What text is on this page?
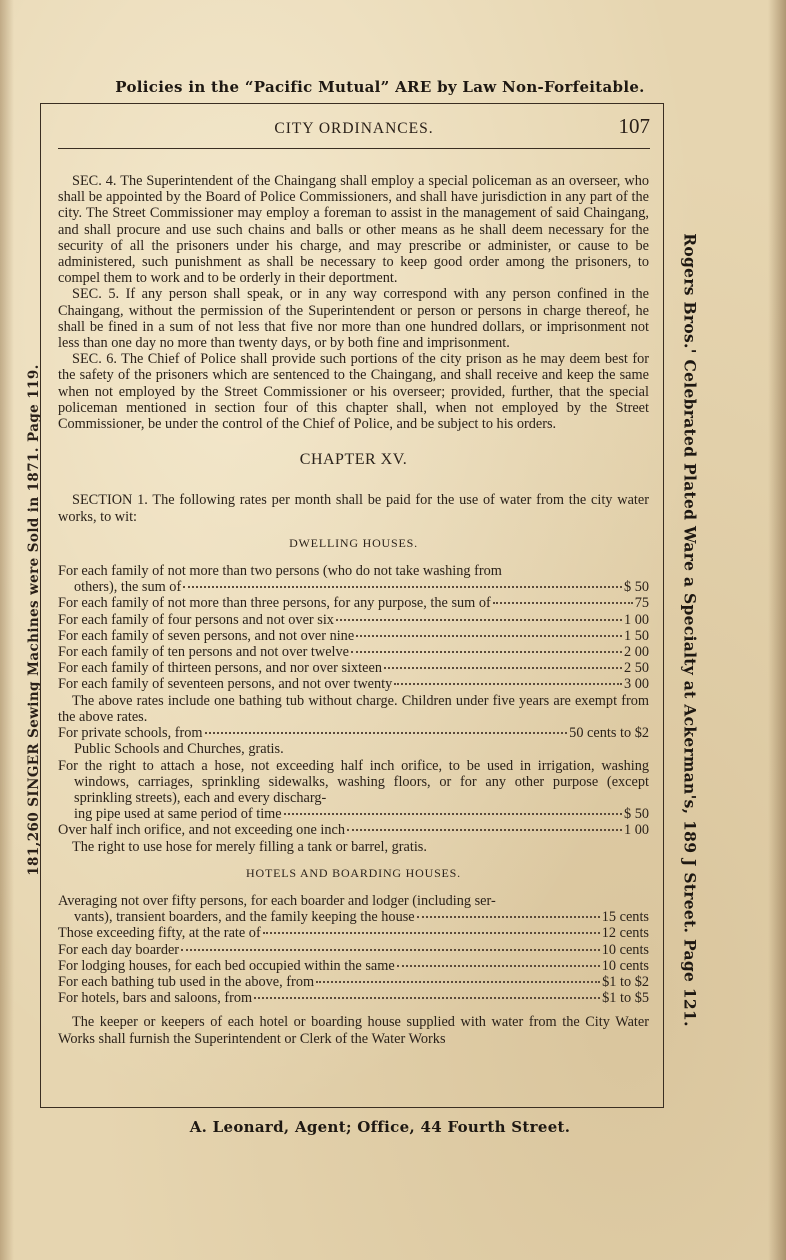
Policies in the “Pacific Mutual” ARE by Law Non-Forfeitable.
181,260 SINGER Sewing Machines were Sold in 1871. Page 119.	Rogers Bros.' Celebrated Plated Ware a Specialty at Ackerman's, 189 J Street. Page 121.
CITY ORDINANCES.	107

SEC. 4. The Superintendent of the Chaingang shall employ a special policeman as an overseer, who shall be appointed by the Board of Police Commissioners, and shall have jurisdiction in any part of the city. The Street Commissioner may employ a foreman to assist in the management of said Chaingang, and shall procure and use such chains and balls or other means as he shall deem necessary for the security of all the prisoners under his charge, and may prescribe or administer, or cause to be administered, such punishment as shall be necessary to keep good order among the prisoners, to compel them to work and to be orderly in their deportment.

SEC. 5. If any person shall speak, or in any way correspond with any person confined in the Chaingang, without the permission of the Superintendent or person or persons in charge thereof, he shall be fined in a sum of not less that five nor more than one hundred dollars, or imprisonment not less than one day no more than twenty days, or by both fine and imprisonment.

SEC. 6. The Chief of Police shall provide such portions of the city prison as he may deem best for the safety of the prisoners which are sentenced to the Chaingang, and shall receive and keep the same when not employed by the Street Commissioner or his overseer; provided, further, that the special policeman mentioned in section four of this chapter shall, when not employed by the Street Commissioner, be under the control of the Chief of Police, and be subject to his orders.

CHAPTER XV.

SECTION 1. The following rates per month shall be paid for the use of water from the city water works, to wit:

DWELLING HOUSES.

For each family of not more than two persons (who do not take washing from

others), the sum of	$ 50
For each family of not more than three persons, for any purpose, the sum of	75
For each family of four persons and not over six	1 00
For each family of seven persons, and not over nine	1 50
For each family of ten persons and not over twelve	2 00
For each family of thirteen persons, and nor over sixteen	2 50
For each family of seventeen persons, and not over twenty	3 00

The above rates include one bathing tub without charge. Children under five years are exempt from the above rates.

For private schools, from	50 cents to $2

Public Schools and Churches, gratis.

For the right to attach a hose, not exceeding half inch orifice, to be used in irrigation, washing windows, carriages, sprinkling sidewalks, washing floors, or for any other purpose (except sprinkling streets), each and every discharg-

ing pipe used at same period of time	$ 50
Over half inch orifice, and not exceeding one inch	1 00

The right to use hose for merely filling a tank or barrel, gratis.

HOTELS AND BOARDING HOUSES.

Averaging not over fifty persons, for each boarder and lodger (including ser-

vants), transient boarders, and the family keeping the house	15 cents
Those exceeding fifty, at the rate of	12 cents
For each day boarder	10 cents
For lodging houses, for each bed occupied within the same	10 cents
For each bathing tub used in the above, from	$1 to $2
For hotels, bars and saloons, from	$1 to $5

The keeper or keepers of each hotel or boarding house supplied with water from the City Water Works shall furnish the Superintendent or Clerk of the Water Works

A. Leonard, Agent; Office, 44 Fourth Street.
